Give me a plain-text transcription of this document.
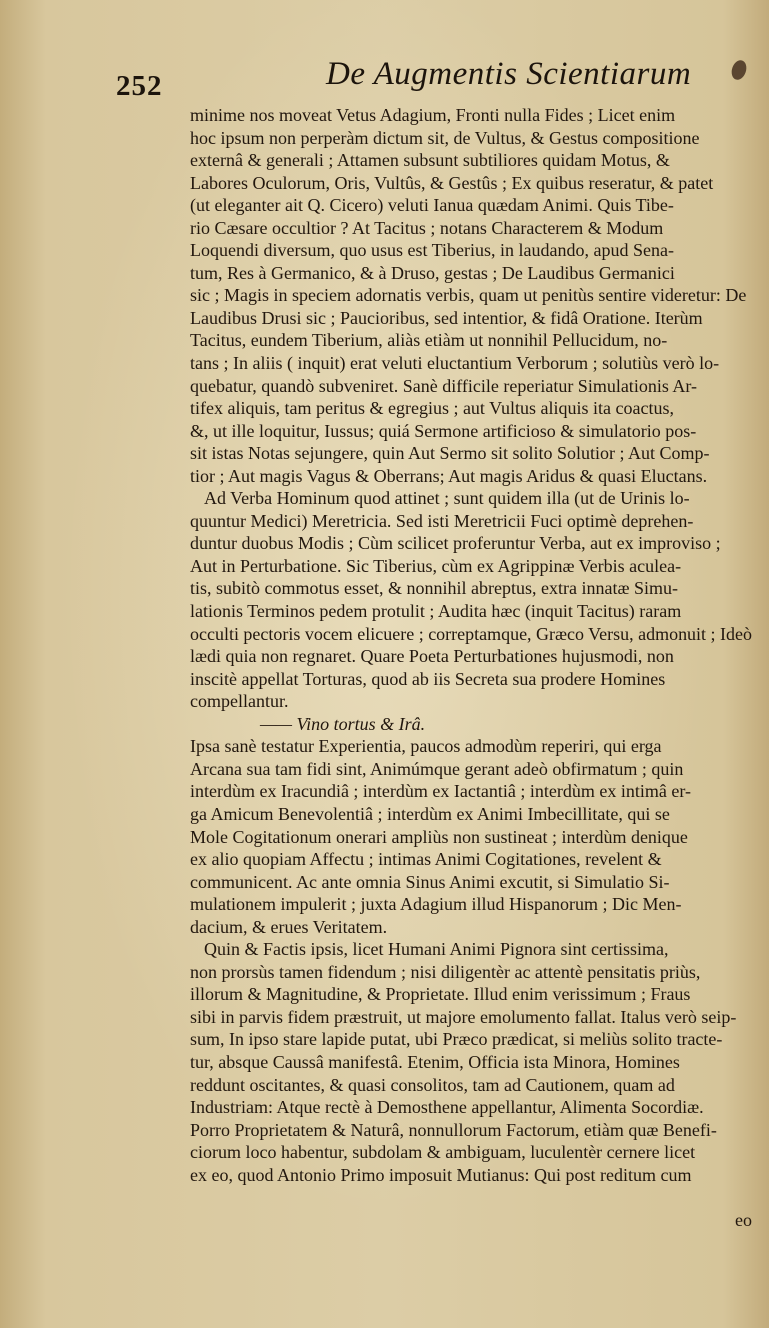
252	De Augmentis Scientiarum
minime nos moveat Vetus Adagium, Fronti nulla Fides ; Licet enim
hoc ipsum non perperàm dictum sit, de Vultus, & Gestus compositione
externâ & generali ; Attamen subsunt subtiliores quidam Motus, &
Labores Oculorum, Oris, Vultûs, & Gestûs ; Ex quibus reseratur, & patet
(ut eleganter ait Q. Cicero) veluti Ianua quædam Animi. Quis Tibe-
rio Cæsare occultior ? At Tacitus ; notans Characterem & Modum
Loquendi diversum, quo usus est Tiberius, in laudando, apud Sena-
tum, Res à Germanico, & à Druso, gestas ; De Laudibus Germanici
sic ; Magis in speciem adornatis verbis, quam ut penitùs sentire videretur: De
Laudibus Drusi sic ; Paucioribus, sed intentior, & fidâ Oratione. Iterùm
Tacitus, eundem Tiberium, aliàs etiàm ut nonnihil Pellucidum, no-
tans ; In aliis ( inquit) erat veluti eluctantium Verborum ; solutiùs verò lo-
quebatur, quandò subveniret. Sanè difficile reperiatur Simulationis Ar-
tifex aliquis, tam peritus & egregius ; aut Vultus aliquis ita coactus,
&, ut ille loquitur, Iussus; quiá Sermone artificioso & simulatorio pos-
sit istas Notas sejungere, quin Aut Sermo sit solito Solutior ; Aut Comp-
tior ; Aut magis Vagus & Oberrans; Aut magis Aridus & quasi Eluctans.
Ad Verba Hominum quod attinet ; sunt quidem illa (ut de Urinis lo-
quuntur Medici) Meretricia. Sed isti Meretricii Fuci optimè deprehen-
duntur duobus Modis ; Cùm scilicet proferuntur Verba, aut ex improviso ;
Aut in Perturbatione. Sic Tiberius, cùm ex Agrippinæ Verbis aculea-
tis, subitò commotus esset, & nonnihil abreptus, extra innatæ Simu-
lationis Terminos pedem protulit ; Audita hæc (inquit Tacitus) raram
occulti pectoris vocem elicuere ; correptamque, Græco Versu, admonuit ; Ideò
lædi quia non regnaret. Quare Poeta Perturbationes hujusmodi, non
inscitè appellat Torturas, quod ab iis Secreta sua prodere Homines
compellantur.
—— Vino tortus & Irâ.
Ipsa sanè testatur Experientia, paucos admodùm reperiri, qui erga
Arcana sua tam fidi sint, Animúmque gerant adeò obfirmatum ; quin
interdùm ex Iracundiâ ; interdùm ex Iactantiâ ; interdùm ex intimâ er-
ga Amicum Benevolentiâ ; interdùm ex Animi Imbecillitate, qui se
Mole Cogitationum onerari ampliùs non sustineat ; interdùm denique
ex alio quopiam Affectu ; intimas Animi Cogitationes, revelent &
communicent. Ac ante omnia Sinus Animi excutit, si Simulatio Si-
mulationem impulerit ; juxta Adagium illud Hispanorum ; Dic Men-
dacium, & erues Veritatem.
Quin & Factis ipsis, licet Humani Animi Pignora sint certissima,
non prorsùs tamen fidendum ; nisi diligentèr ac attentè pensitatis priùs,
illorum & Magnitudine, & Proprietate. Illud enim verissimum ; Fraus
sibi in parvis fidem præstruit, ut majore emolumento fallat. Italus verò seip-
sum, In ipso stare lapide putat, ubi Præco prædicat, si meliùs solito tracte-
tur, absque Caussâ manifestâ. Etenim, Officia ista Minora, Homines
reddunt oscitantes, & quasi consolitos, tam ad Cautionem, quam ad
Industriam: Atque rectè à Demosthene appellantur, Alimenta Socordiæ.
Porro Proprietatem & Naturâ, nonnullorum Factorum, etiàm quæ Benefi-
ciorum loco habentur, subdolam & ambiguam, luculentèr cernere licet
ex eo, quod Antonio Primo imposuit Mutianus: Qui post reditum cum
eo
